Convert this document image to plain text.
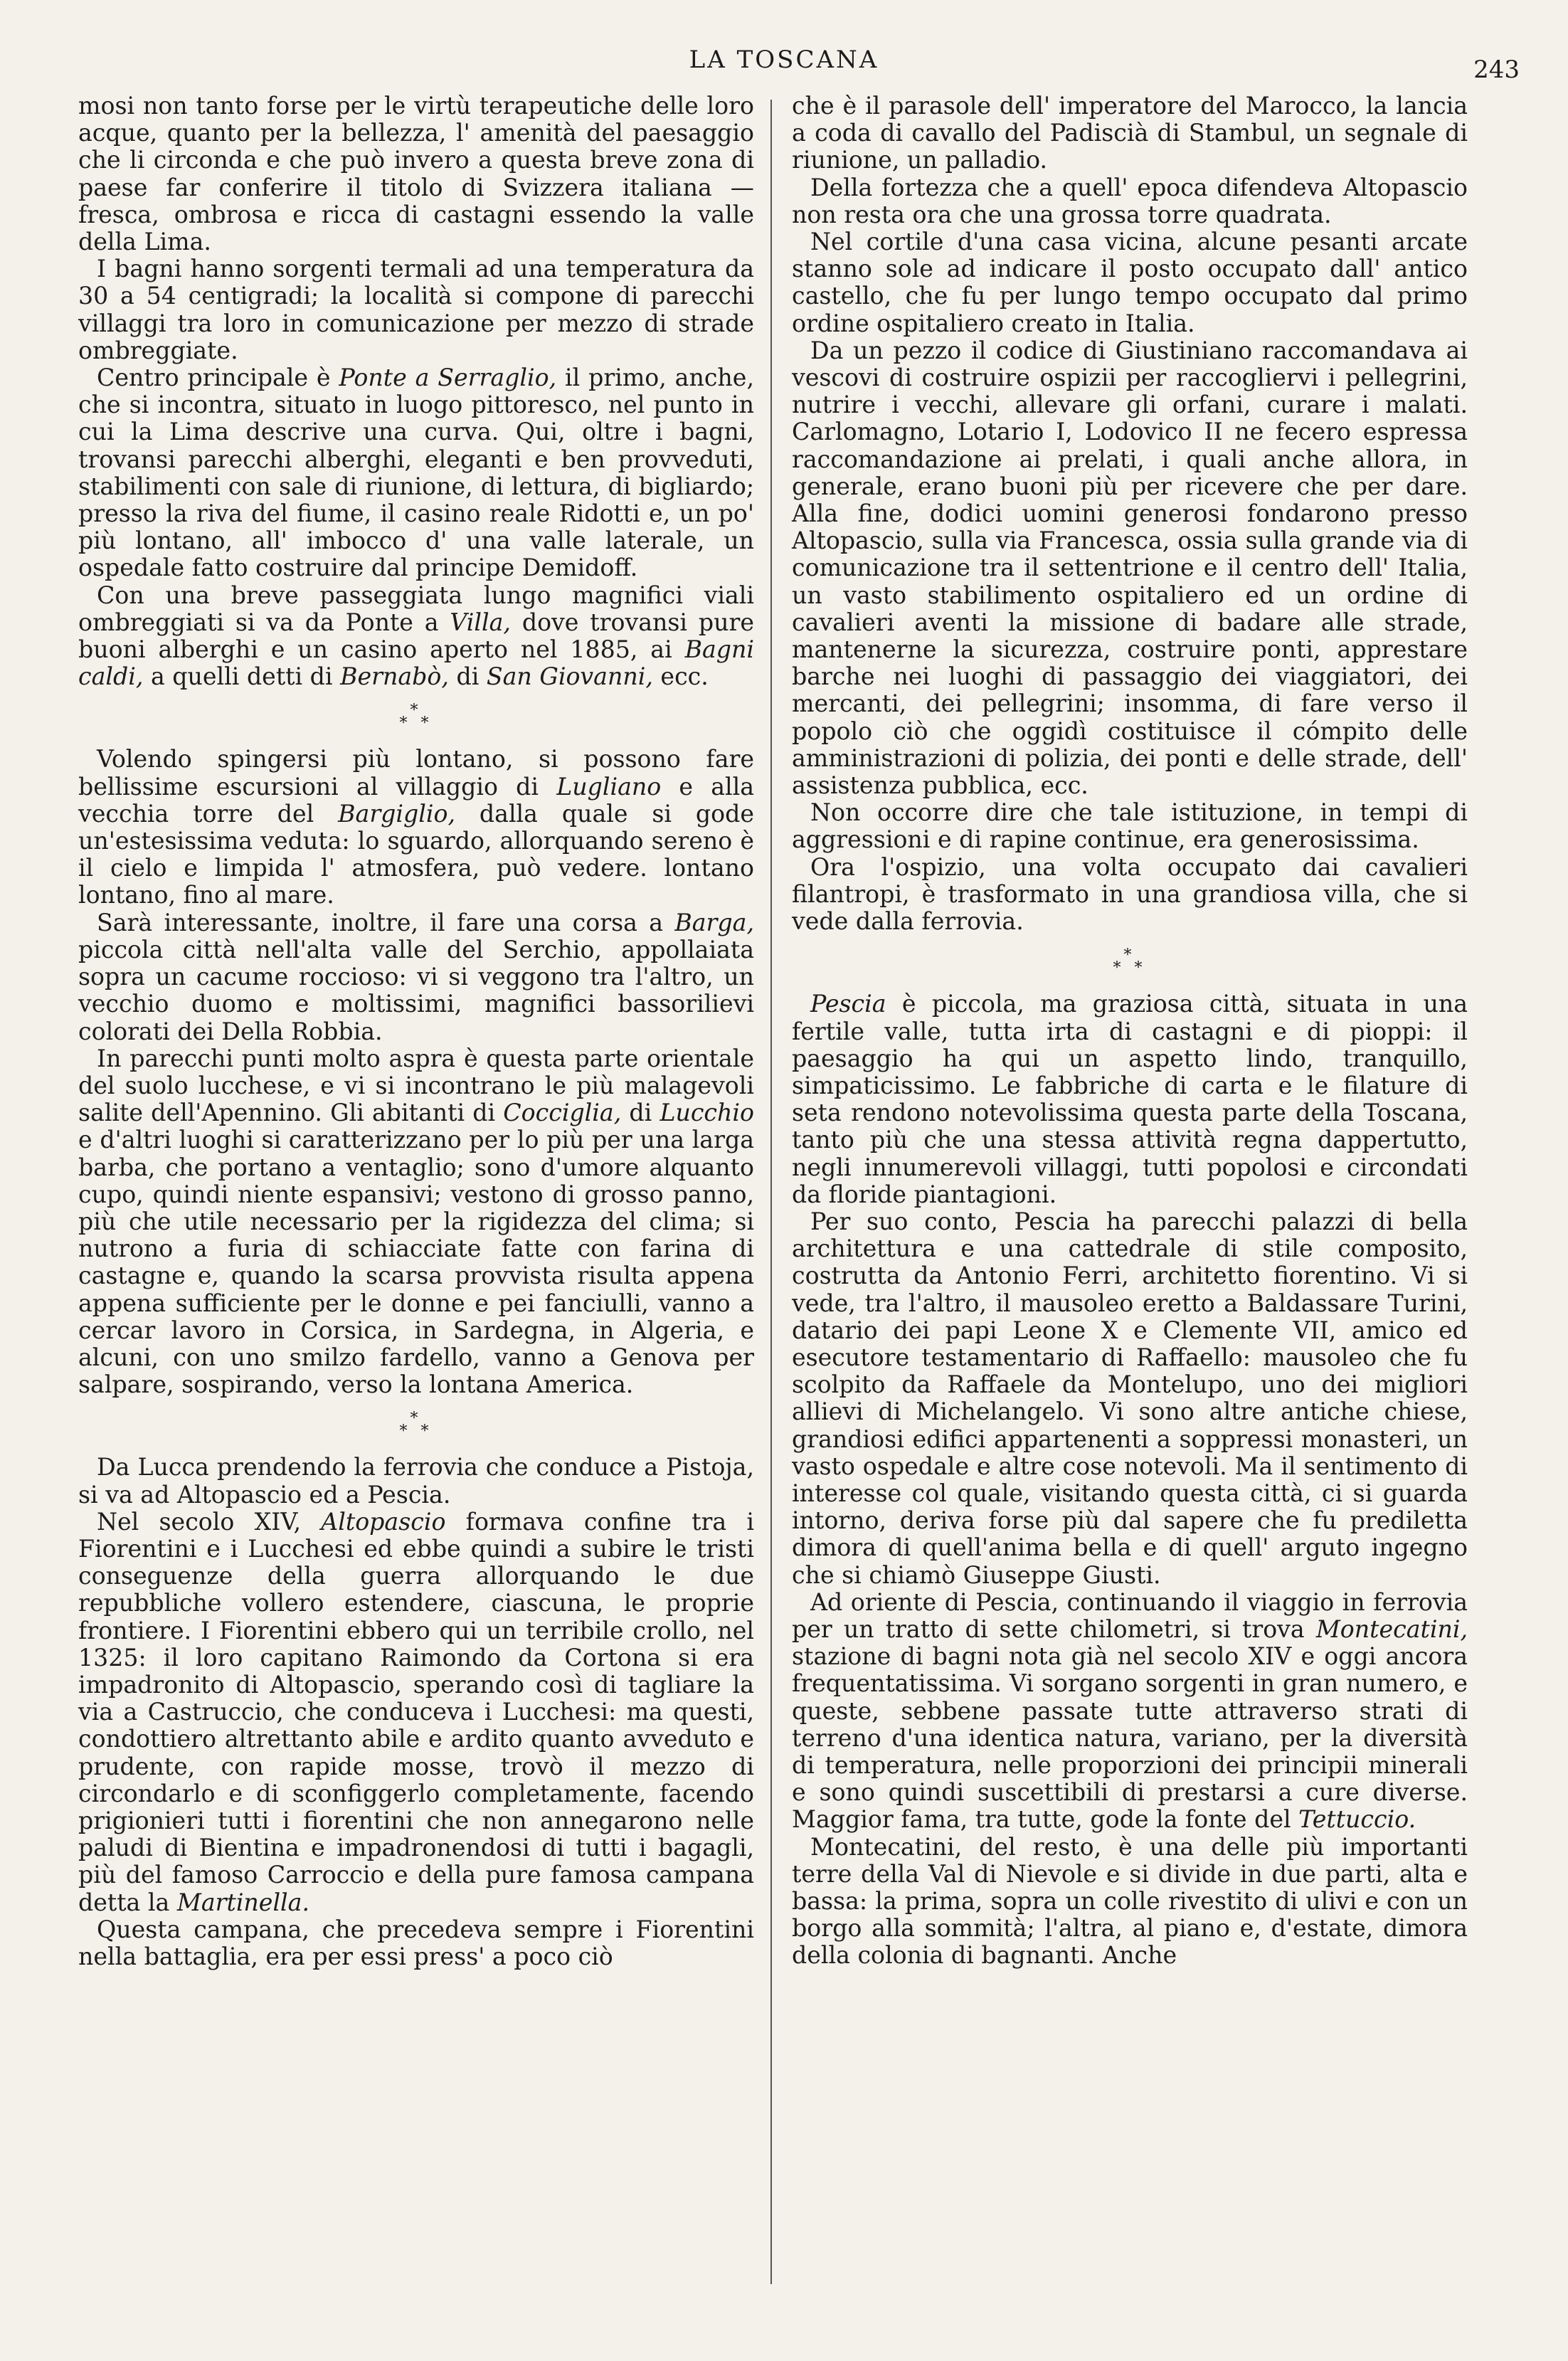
LA TOSCANA	243

mosi non tanto forse per le virtù terapeutiche delle loro acque, quanto per la bellezza, l' amenità del paesaggio che li circonda e che può invero a questa breve zona di paese far conferire il titolo di Svizzera italiana — fresca, ombrosa e ricca di castagni essendo la valle della Lima.

I bagni hanno sorgenti termali ad una temperatura da 30 a 54 centigradi; la località si compone di parecchi villaggi tra loro in comunicazione per mezzo di strade ombreggiate.

Centro principale è Ponte a Serraglio, il primo, anche, che si incontra, situato in luogo pittoresco, nel punto in cui la Lima descrive una curva. Qui, oltre i bagni, trovansi parecchi alberghi, eleganti e ben provveduti, stabilimenti con sale di riunione, di lettura, di bigliardo; presso la riva del fiume, il casino reale Ridotti e, un po' più lontano, all' imbocco d' una valle laterale, un ospedale fatto costruire dal principe Demidoff.

Con una breve passeggiata lungo magnifici viali ombreggiati si va da Ponte a Villa, dove trovansi pure buoni alberghi e un casino aperto nel 1885, ai Bagni caldi, a quelli detti di Bernabò, di San Giovanni, ecc.

*
* *

Volendo spingersi più lontano, si possono fare bellissime escursioni al villaggio di Lugliano e alla vecchia torre del Bargiglio, dalla quale si gode un'estesissima veduta: lo sguardo, allorquando sereno è il cielo e limpida l' atmosfera, può vedere. lontano lontano, fino al mare.

Sarà interessante, inoltre, il fare una corsa a Barga, piccola città nell'alta valle del Serchio, appollaiata sopra un cacume roccioso: vi si veggono tra l'altro, un vecchio duomo e moltissimi, magnifici bassorilievi colorati dei Della Robbia.

In parecchi punti molto aspra è questa parte orientale del suolo lucchese, e vi si incontrano le più malagevoli salite dell'Apennino. Gli abitanti di Coccigliа, di Lucchio e d'altri luoghi si caratterizzano per lo più per una larga barba, che portano a ventaglio; sono d'umore alquanto cupo, quindi niente espansivi; vestono di grosso panno, più che utile necessario per la rigidezza del clima; si nutrono a furia di schiacciate fatte con farina di castagne e, quando la scarsa provvista risulta appena appena sufficiente per le donne e pei fanciulli, vanno a cercar lavoro in Corsica, in Sardegna, in Algeria, e alcuni, con uno smilzo fardello, vanno a Genova per salpare, sospirando, verso la lontana America.

*
* *

Da Lucca prendendo la ferrovia che conduce a Pistoja, si va ad Altopascio ed a Pescia.

Nel secolo XIV, Altopascio formava confine tra i Fiorentini e i Lucchesi ed ebbe quindi a subire le tristi conseguenze della guerra allorquando le due repubbliche vollero estendere, ciascuna, le proprie frontiere. I Fiorentini ebbero qui un terribile crollo, nel 1325: il loro capitano Raimondo da Cortona si era impadronito di Altopascio, sperando così di tagliare la via a Castruccio, che conduceva i Lucchesi: ma questi, condottiero altrettanto abile e ardito quanto avveduto e prudente, con rapide mosse, trovò il mezzo di circondarlo e di sconfiggerlo completamente, facendo prigionieri tutti i fiorentini che non annegarono nelle paludi di Bientina e impadronendosi di tutti i bagagli, più del famoso Carroccio e della pure famosa campana detta la Martinella.

Questa campana, che precedeva sempre i Fiorentini nella battaglia, era per essi press' a poco ciò

che è il parasole dell' imperatore del Marocco, la lancia a coda di cavallo del Padiscià di Stambul, un segnale di riunione, un palladio.

Della fortezza che a quell' epoca difendeva Altopascio non resta ora che una grossa torre quadrata.

Nel cortile d'una casa vicina, alcune pesanti arcate stanno sole ad indicare il posto occupato dall' antico castello, che fu per lungo tempo occupato dal primo ordine ospitaliero creato in Italia.

Da un pezzo il codice di Giustiniano raccomandava ai vescovi di costruire ospizii per raccogliervi i pellegrini, nutrire i vecchi, allevare gli orfani, curare i malati. Carlomagno, Lotario I, Lodovico II ne fecero espressa raccomandazione ai prelati, i quali anche allora, in generale, erano buoni più per ricevere che per dare. Alla fine, dodici uomini generosi fondarono presso Altopascio, sulla via Francesca, ossia sulla grande via di comunicazione tra il settentrione e il centro dell' Italia, un vasto stabilimento ospitaliero ed un ordine di cavalieri aventi la missione di badare alle strade, mantenerne la sicurezza, costruire ponti, apprestare barche nei luoghi di passaggio dei viaggiatori, dei mercanti, dei pellegrini; insomma, di fare verso il popolo ciò che oggidì costituisce il cómpito delle amministrazioni di polizia, dei ponti e delle strade, dell' assistenza pubblica, ecc.

Non occorre dire che tale istituzione, in tempi di aggressioni e di rapine continue, era generosissima.

Ora l'ospizio, una volta occupato dai cavalieri filantropi, è trasformato in una grandiosa villa, che si vede dalla ferrovia.

*
* *

Pescia è piccola, ma graziosa città, situata in una fertile valle, tutta irta di castagni e di pioppi: il paesaggio ha qui un aspetto lindo, tranquillo, simpaticissimo. Le fabbriche di carta e le filature di seta rendono notevolissima questa parte della Toscana, tanto più che una stessa attività regna dappertutto, negli innumerevoli villaggi, tutti popolosi e circondati da floride piantagioni.

Per suo conto, Pescia ha parecchi palazzi di bella architettura e una cattedrale di stile composito, costrutta da Antonio Ferri, architetto fiorentino. Vi si vede, tra l'altro, il mausoleo eretto a Baldassare Turini, datario dei papi Leone X e Clemente VII, amico ed esecutore testamentario di Raffaello: mausoleo che fu scolpito da Raffaele da Montelupo, uno dei migliori allievi di Michelangelo. Vi sono altre antiche chiese, grandiosi edifici appartenenti a soppressi monasteri, un vasto ospedale e altre cose notevoli. Ma il sentimento di interesse col quale, visitando questa città, ci si guarda intorno, deriva forse più dal sapere che fu prediletta dimora di quell'anima bella e di quell' arguto ingegno che si chiamò Giuseppe Giusti.

Ad oriente di Pescia, continuando il viaggio in ferrovia per un tratto di sette chilometri, si trova Montecatini, stazione di bagni nota già nel secolo XIV e oggi ancora frequentatissima. Vi sorgano sorgenti in gran numero, e queste, sebbene passate tutte attraverso strati di terreno d'una identica natura, variano, per la diversità di temperatura, nelle proporzioni dei principii minerali e sono quindi suscettibili di prestarsi a cure diverse. Maggior fama, tra tutte, gode la fonte del Tettuccio.

Montecatini, del resto, è una delle più importanti terre della Val di Nievole e si divide in due parti, alta e bassa: la prima, sopra un colle rivestito di ulivi e con un borgo alla sommità; l'altra, al piano e, d'estate, dimora della colonia di bagnanti. Anche
